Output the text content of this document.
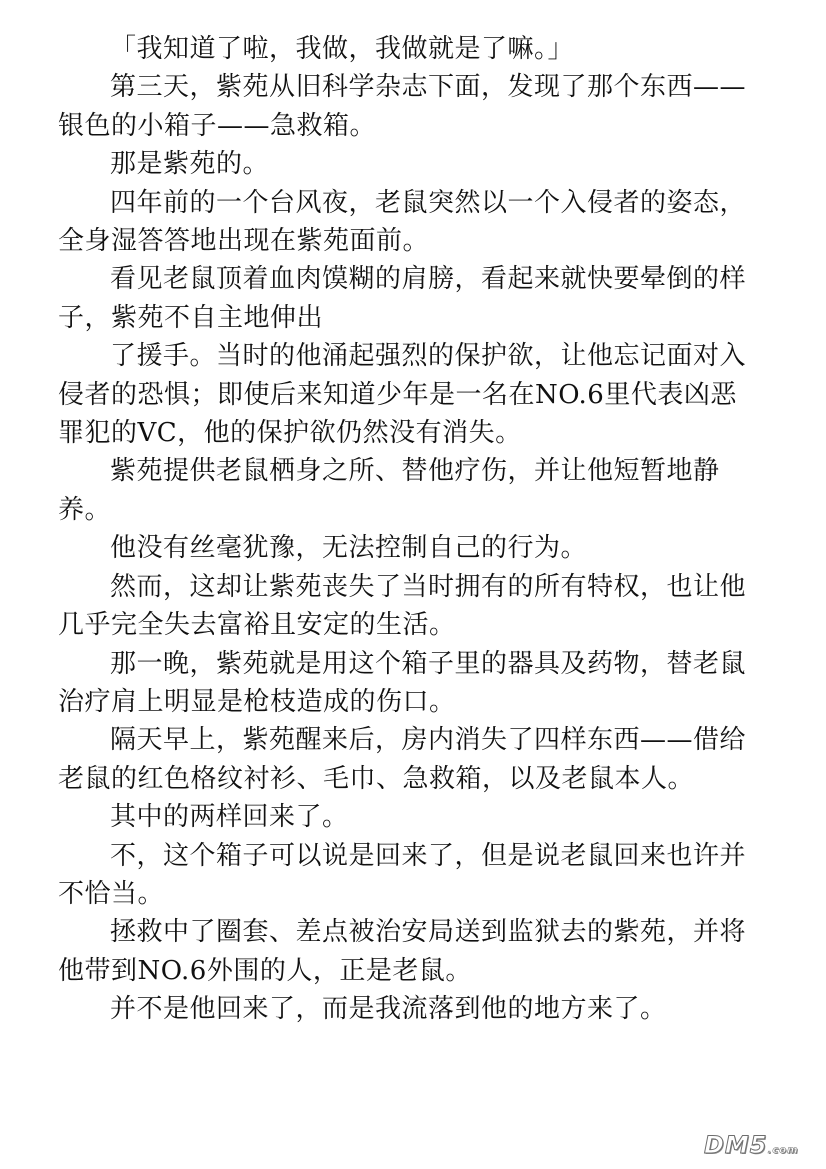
「我知道了啦，我做，我做就是了嘛。」

第三天，紫苑从旧科学杂志下面，发现了那个东西——银色的小箱子——急救箱。

那是紫苑的。

四年前的一个台风夜，老鼠突然以一个入侵者的姿态，全身湿答答地出现在紫苑面前。

看见老鼠顶着血肉馍糊的肩膀，看起来就快要晕倒的样子，紫苑不自主地伸出

了援手。当时的他涌起强烈的保护欲，让他忘记面对入侵者的恐惧；即使后来知道少年是一名在NO.6里代表凶恶罪犯的VC，他的保护欲仍然没有消失。

紫苑提供老鼠栖身之所、替他疗伤，并让他短暂地静养。

他没有丝毫犹豫，无法控制自己的行为。

然而，这却让紫苑丧失了当时拥有的所有特权，也让他几乎完全失去富裕且安定的生活。

那一晚，紫苑就是用这个箱子里的器具及药物，替老鼠治疗肩上明显是枪枝造成的伤口。

隔天早上，紫苑醒来后，房内消失了四样东西——借给老鼠的红色格纹衬衫、毛巾、急救箱，以及老鼠本人。

其中的两样回来了。

不，这个箱子可以说是回来了，但是说老鼠回来也许并不恰当。

拯救中了圈套、差点被治安局送到监狱去的紫苑，并将他带到NO.6外围的人，正是老鼠。

并不是他回来了，而是我流落到他的地方来了。

DM5.com
